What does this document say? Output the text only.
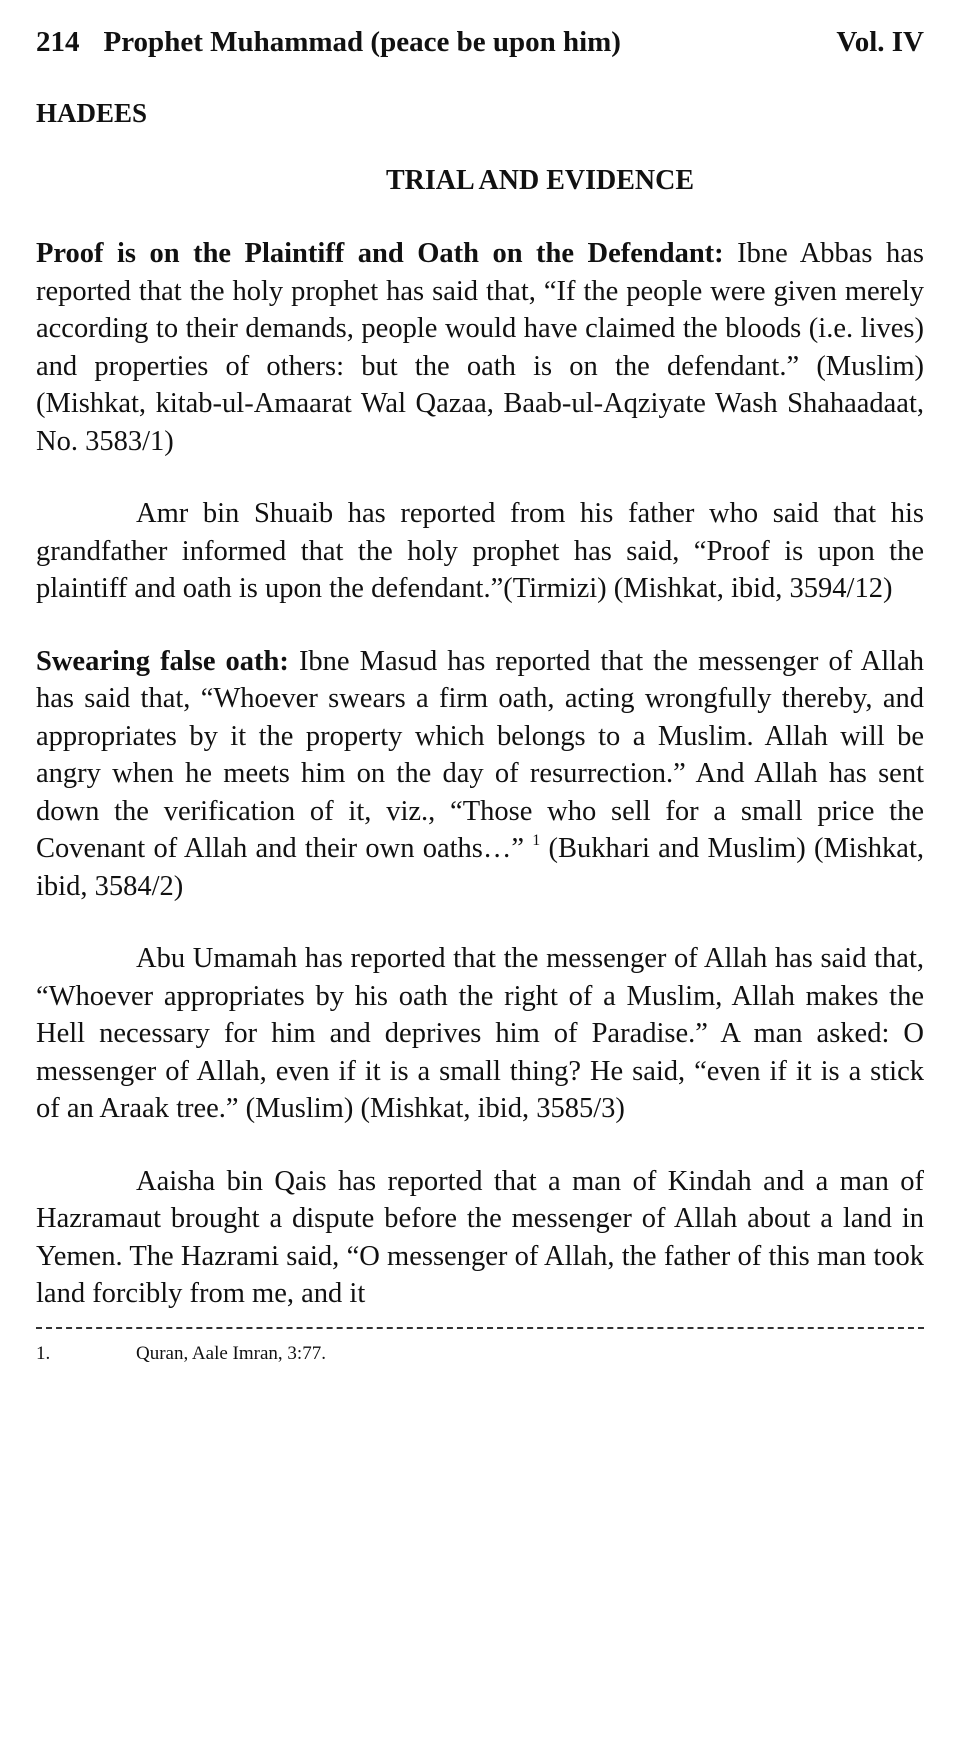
214 Prophet Muhammad (peace be upon him)	Vol. IV
HADEES
TRIAL AND EVIDENCE

Proof is on the Plaintiff and Oath on the Defendant: Ibne Abbas has reported that the holy prophet has said that, “If the people were given merely according to their demands, people would have claimed the bloods (i.e. lives) and properties of others: but the oath is on the defendant.” (Muslim) (Mishkat, kitab-ul-Amaarat Wal Qazaa, Baab-ul-Aqziyate Wash Shahaadaat, No. 3583/1)

Amr bin Shuaib has reported from his father who said that his grandfather informed that the holy prophet has said, “Proof is upon the plaintiff and oath is upon the defendant.”(Tirmizi) (Mishkat, ibid, 3594/12)

Swearing false oath: Ibne Masud has reported that the messenger of Allah has said that, “Whoever swears a firm oath, acting wrongfully thereby, and appropriates by it the property which belongs to a Muslim. Allah will be angry when he meets him on the day of resurrection.” And Allah has sent down the verification of it, viz., “Those who sell for a small price the Covenant of Allah and their own oaths…” $^1$ (Bukhari and Muslim) (Mishkat, ibid, 3584/2)

Abu Umamah has reported that the messenger of Allah has said that, “Whoever appropriates by his oath the right of a Muslim, Allah makes the Hell necessary for him and deprives him of Paradise.” A man asked: O messenger of Allah, even if it is a small thing? He said, “even if it is a stick of an Araak tree.” (Muslim) (Mishkat, ibid, 3585/3)

Aaisha bin Qais has reported that a man of Kindah and a man of Hazramaut brought a dispute before the messenger of Allah about a land in Yemen. The Hazrami said, “O messenger of Allah, the father of this man took land forcibly from me, and it

1.	Quran, Aale Imran, 3:77.
